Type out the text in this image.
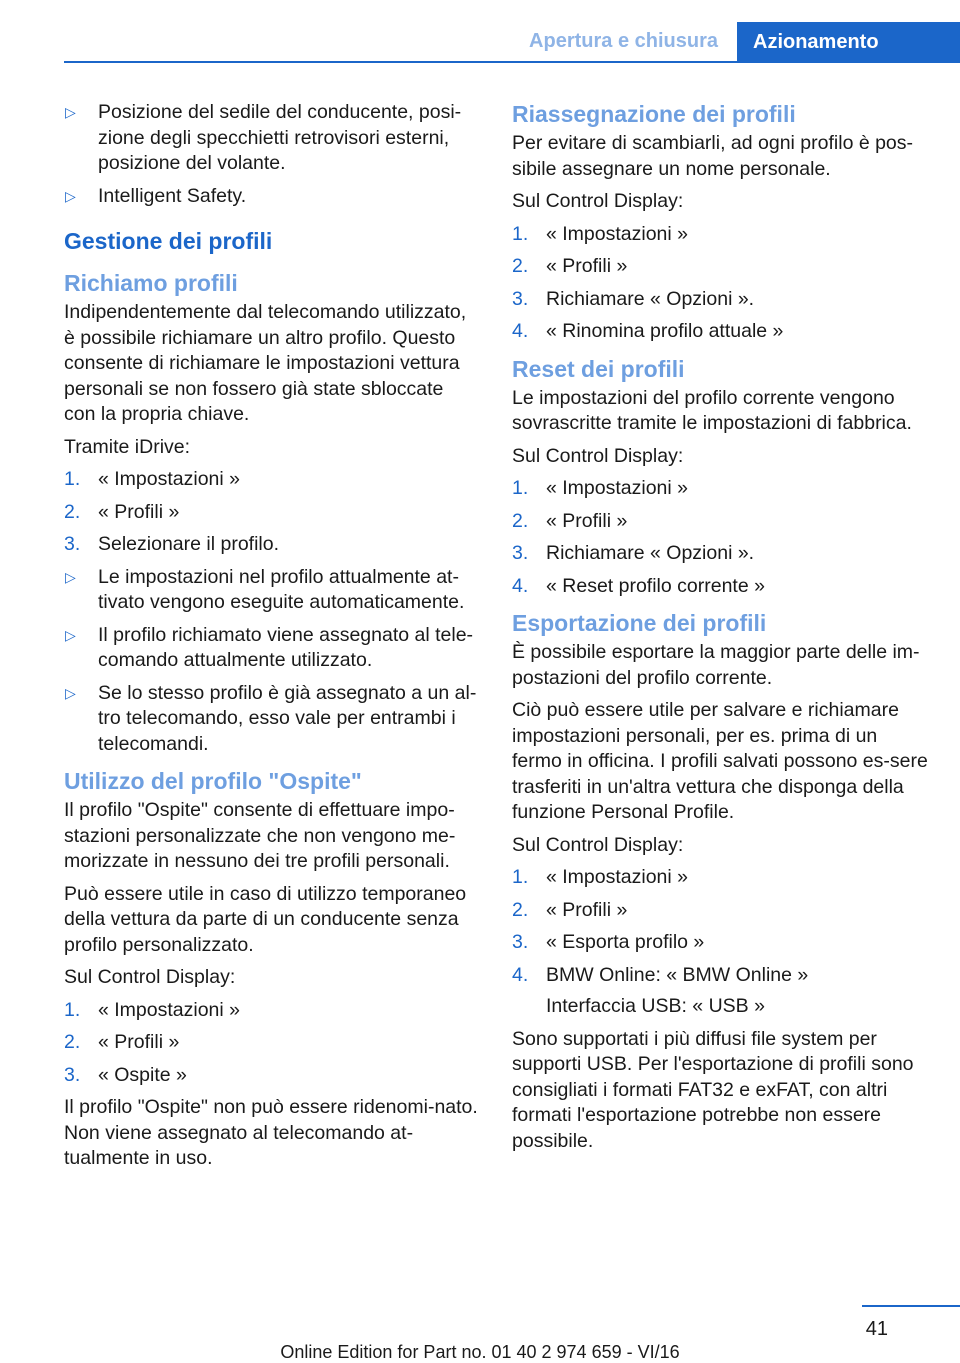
Apertura e chiusura	Azionamento
▷ Posizione del sedile del conducente, posi-zione degli specchietti retrovisori esterni, posizione del volante.
▷ Intelligent Safety.
Gestione dei profili
Richiamo profili

Indipendentemente dal telecomando utilizzato, è possibile richiamare un altro profilo. Questo consente di richiamare le impostazioni vettura personali se non fossero già state sbloccate con la propria chiave.

Tramite iDrive:

1. « Impostazioni »
2. « Profili »
3. Selezionare il profilo.
▷ Le impostazioni nel profilo attualmente at-tivato vengono eseguite automaticamente.
▷ Il profilo richiamato viene assegnato al tele-comando attualmente utilizzato.
▷ Se lo stesso profilo è già assegnato a un al-tro telecomando, esso vale per entrambi i telecomandi.
Utilizzo del profilo "Ospite"

Il profilo "Ospite" consente di effettuare impo-stazioni personalizzate che non vengono me-morizzate in nessuno dei tre profili personali.

Può essere utile in caso di utilizzo temporaneo della vettura da parte di un conducente senza profilo personalizzato.

Sul Control Display:

1. « Impostazioni »
2. « Profili »
3. « Ospite »

Il profilo "Ospite" non può essere ridenomi-nato. Non viene assegnato al telecomando at-tualmente in uso.

Riassegnazione dei profili

Per evitare di scambiarli, ad ogni profilo è pos-sibile assegnare un nome personale.

Sul Control Display:

1. « Impostazioni »
2. « Profili »
3. Richiamare « Opzioni ».
4. « Rinomina profilo attuale »
Reset dei profili

Le impostazioni del profilo corrente vengono sovrascritte tramite le impostazioni di fabbrica.

Sul Control Display:

1. « Impostazioni »
2. « Profili »
3. Richiamare « Opzioni ».
4. « Reset profilo corrente »
Esportazione dei profili

È possibile esportare la maggior parte delle im-postazioni del profilo corrente.

Ciò può essere utile per salvare e richiamare impostazioni personali, per es. prima di un fermo in officina. I profili salvati possono es-sere trasferiti in un'altra vettura che disponga della funzione Personal Profile.

Sul Control Display:

1. « Impostazioni »
2. « Profili »
3. « Esporta profilo »
4. BMW Online: « BMW Online »

Interfaccia USB: « USB »

Sono supportati i più diffusi file system per supporti USB. Per l'esportazione di profili sono consigliati i formati FAT32 e exFAT, con altri formati l'esportazione potrebbe non essere possibile.

41
Online Edition for Part no. 01 40 2 974 659 - VI/16
